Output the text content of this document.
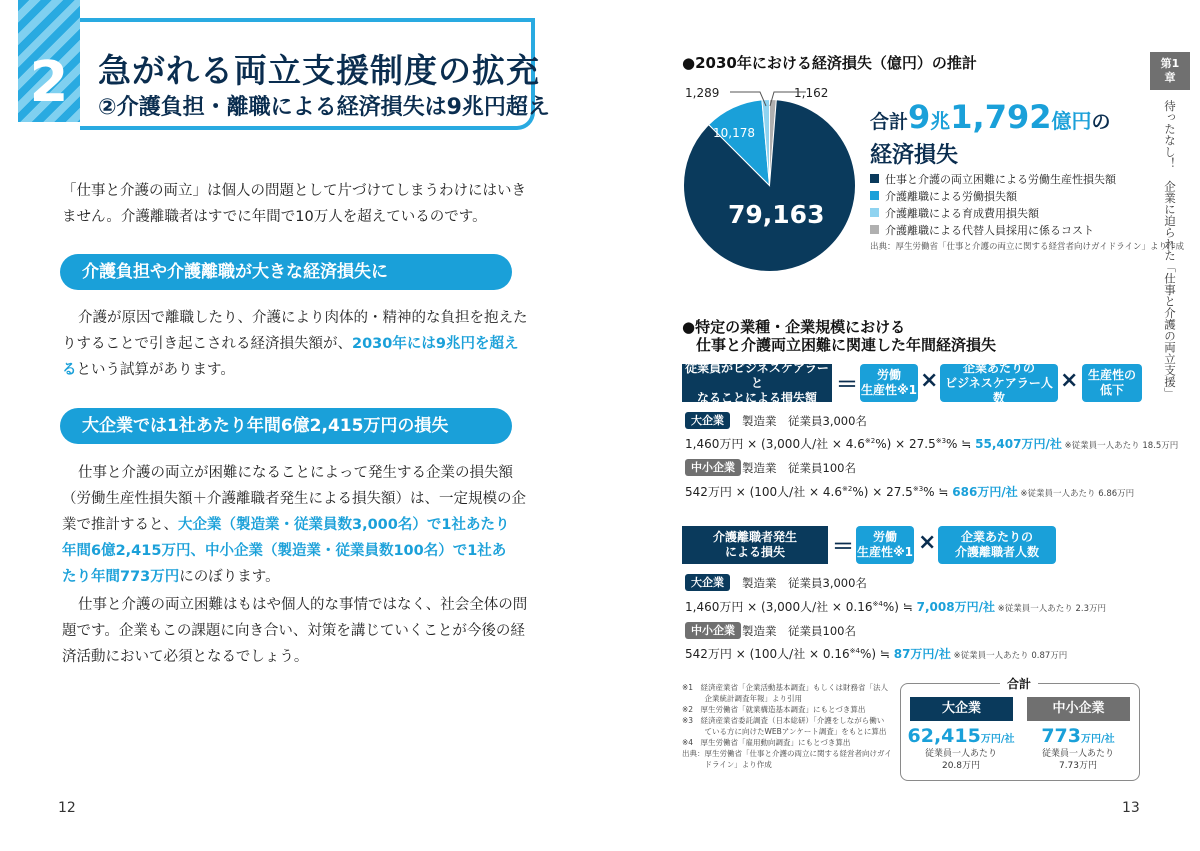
2 急がれる両立支援制度の拡充
②介護負担・離職による経済損失は9兆円超え
「仕事と介護の両立」は個人の問題として片づけてしまうわけにはいき
ません。介護離職者はすでに年間で10万人を超えているのです。
介護負担や介護離職が大きな経済損失に
介護が原因で離職したり、介護により肉体的・精神的な負担を抱えた
りすることで引き起こされる経済損失額が、2030年には9兆円を超え
るという試算があります。
大企業では1社あたり年間6億2,415万円の損失
仕事と介護の両立が困難になることによって発生する企業の損失額
（労働生産性損失額＋介護離職者発生による損失額）は、一定規模の企
業で推計すると、大企業（製造業・従業員数3,000名）で1社あたり
年間6億2,415万円、中小企業（製造業・従業員数100名）で1社あ
たり年間773万円にのぼります。
仕事と介護の両立困難はもはや個人的な事情ではなく、社会全体の問
題です。企業もこの課題に向き合い、対策を講じていくことが今後の経
済活動において必須となるでしょう。
12
●2030年における経済損失（億円）の推計
1,289	1,162
10,178
79,163
合計9兆1,792億円の
経済損失
仕事と介護の両立困難による労働生産性損失額
介護離職による労働損失額
介護離職による育成費用損失額
介護離職による代替人員採用に係るコスト
出典：厚生労働省「仕事と介護の両立に関する経営者向けガイドライン」より作成
●特定の業種・企業規模における
仕事と介護両立困難に関連した年間経済損失
従業員がビジネスケアラーと
なることによる損失額 ＝	労働
生産性※1 ×
企業あたりの
ビジネスケアラー人数
× 生産性の
低下
大企業	製造業　従業員3,000名
1,460万円 × (3,000人/社 × $4.6^{※2}\%) \times 27.5^{※3}\%$ ≒ 55,407万円/社 ※従業員一人あたり 18.5万円
中小企業 製造業　従業員100名
542万円 × (100人/社 × $4.6^{※2}\%) \times 27.5^{※3}\%$ ≒ 686万円/社 ※従業員一人あたり 6.86万円
介護離職者発生
による損失	＝	労働
生産性※1 ×	企業あたりの
介護離職者人数
大企業	製造業　従業員3,000名
1,460万円 × (3,000人/社 × $0.16^{※4}\%$) ≒ 7,008万円/社 ※従業員一人あたり 2.3万円
中小企業 製造業　従業員100名
542万円 × (100人/社 × $0.16^{※4}\%$) ≒ 87万円/社 ※従業員一人あたり 0.87万円
※1　経済産業省「企業活動基本調査」もしくは財務省「法人
　　　企業統計調査年報」より引用
※2　厚生労働省「就業構造基本調査」にもとづき算出
※3　経済産業省委託調査（日本総研）「介護をしながら働い
　　　ている方に向けたWEBアンケート調査」をもとに算出
※4　厚生労働省「雇用動向調査」にもとづき算出
出典：厚生労働省「仕事と介護の両立に関する経営者向けガイ
　　　ドライン」より作成
合計
大企業	中小企業
62,415万円/社	773万円/社
従業員一人あたり
20.8万円
従業員一人あたり
7.73万円
第1
章
待ったなし！　企業に迫られた「仕事と介護の両立支援」
13
